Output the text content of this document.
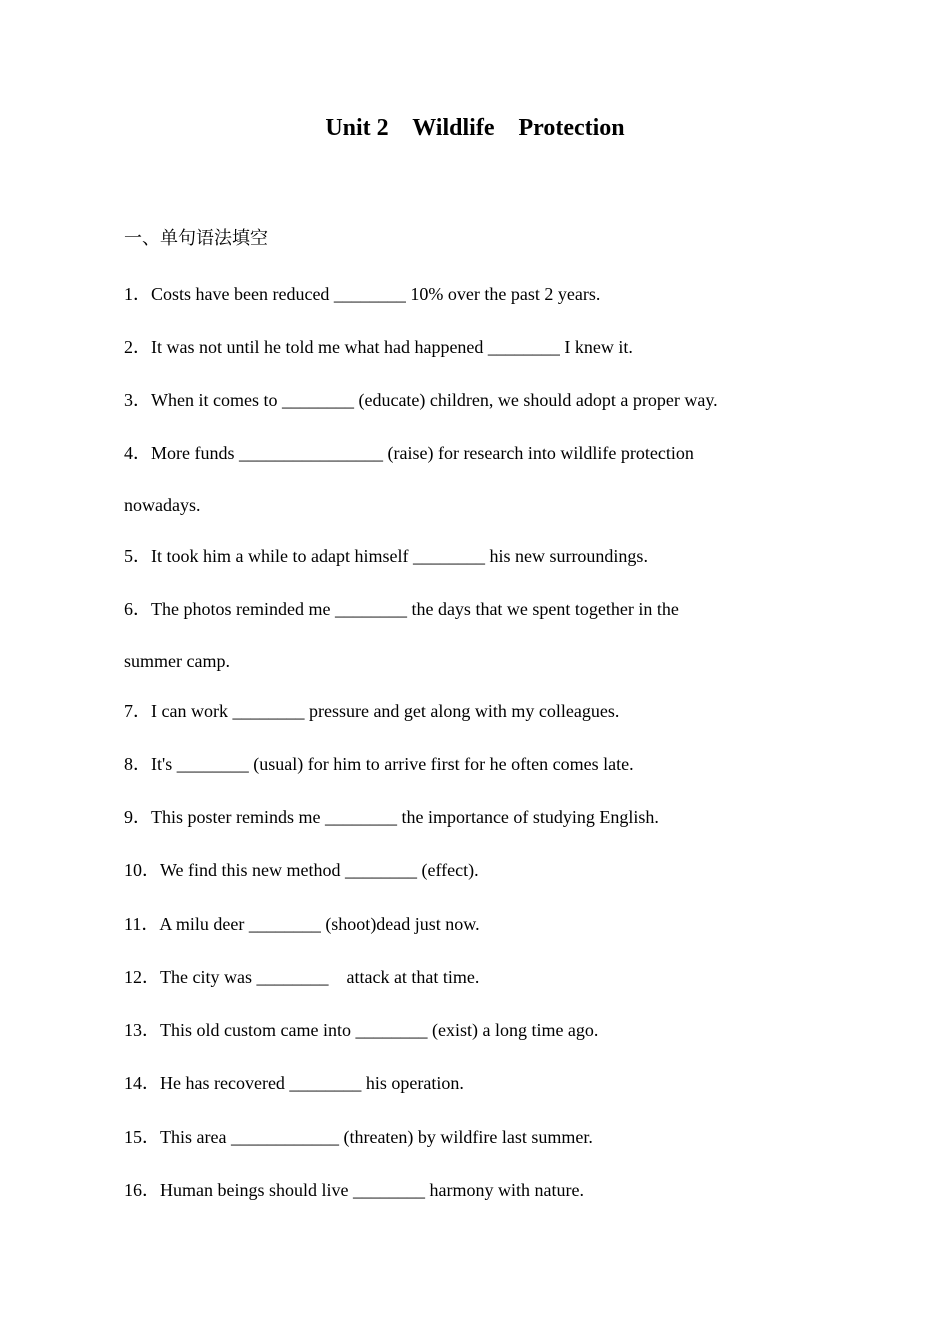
Unit 2    Wildlife    Protection
一、单句语法填空
1．Costs have been reduced ________ 10% over the past 2 years.
2．It was not until he told me what had happened ________ I knew it.
3．When it comes to ________ (educate) children, we should adopt a proper way.
4．More funds ________________ (raise) for research into wildlife protection
nowadays.
5．It took him a while to adapt himself ________ his new surroundings.
6．The photos reminded me ________ the days that we spent together in the
summer camp.
7．I can work ________ pressure and get along with my colleagues.
8．It's ________ (usual) for him to arrive first for he often comes late.
9．This poster reminds me ________ the importance of studying English.
10．We find this new method ________ (effect).
11．A milu deer ________ (shoot)dead just now.
12．The city was ________    attack at that time.
13．This old custom came into ________ (exist) a long time ago.
14．He has recovered ________ his operation.
15．This area ____________ (threaten) by wildfire last summer.
16．Human beings should live ________ harmony with nature.
